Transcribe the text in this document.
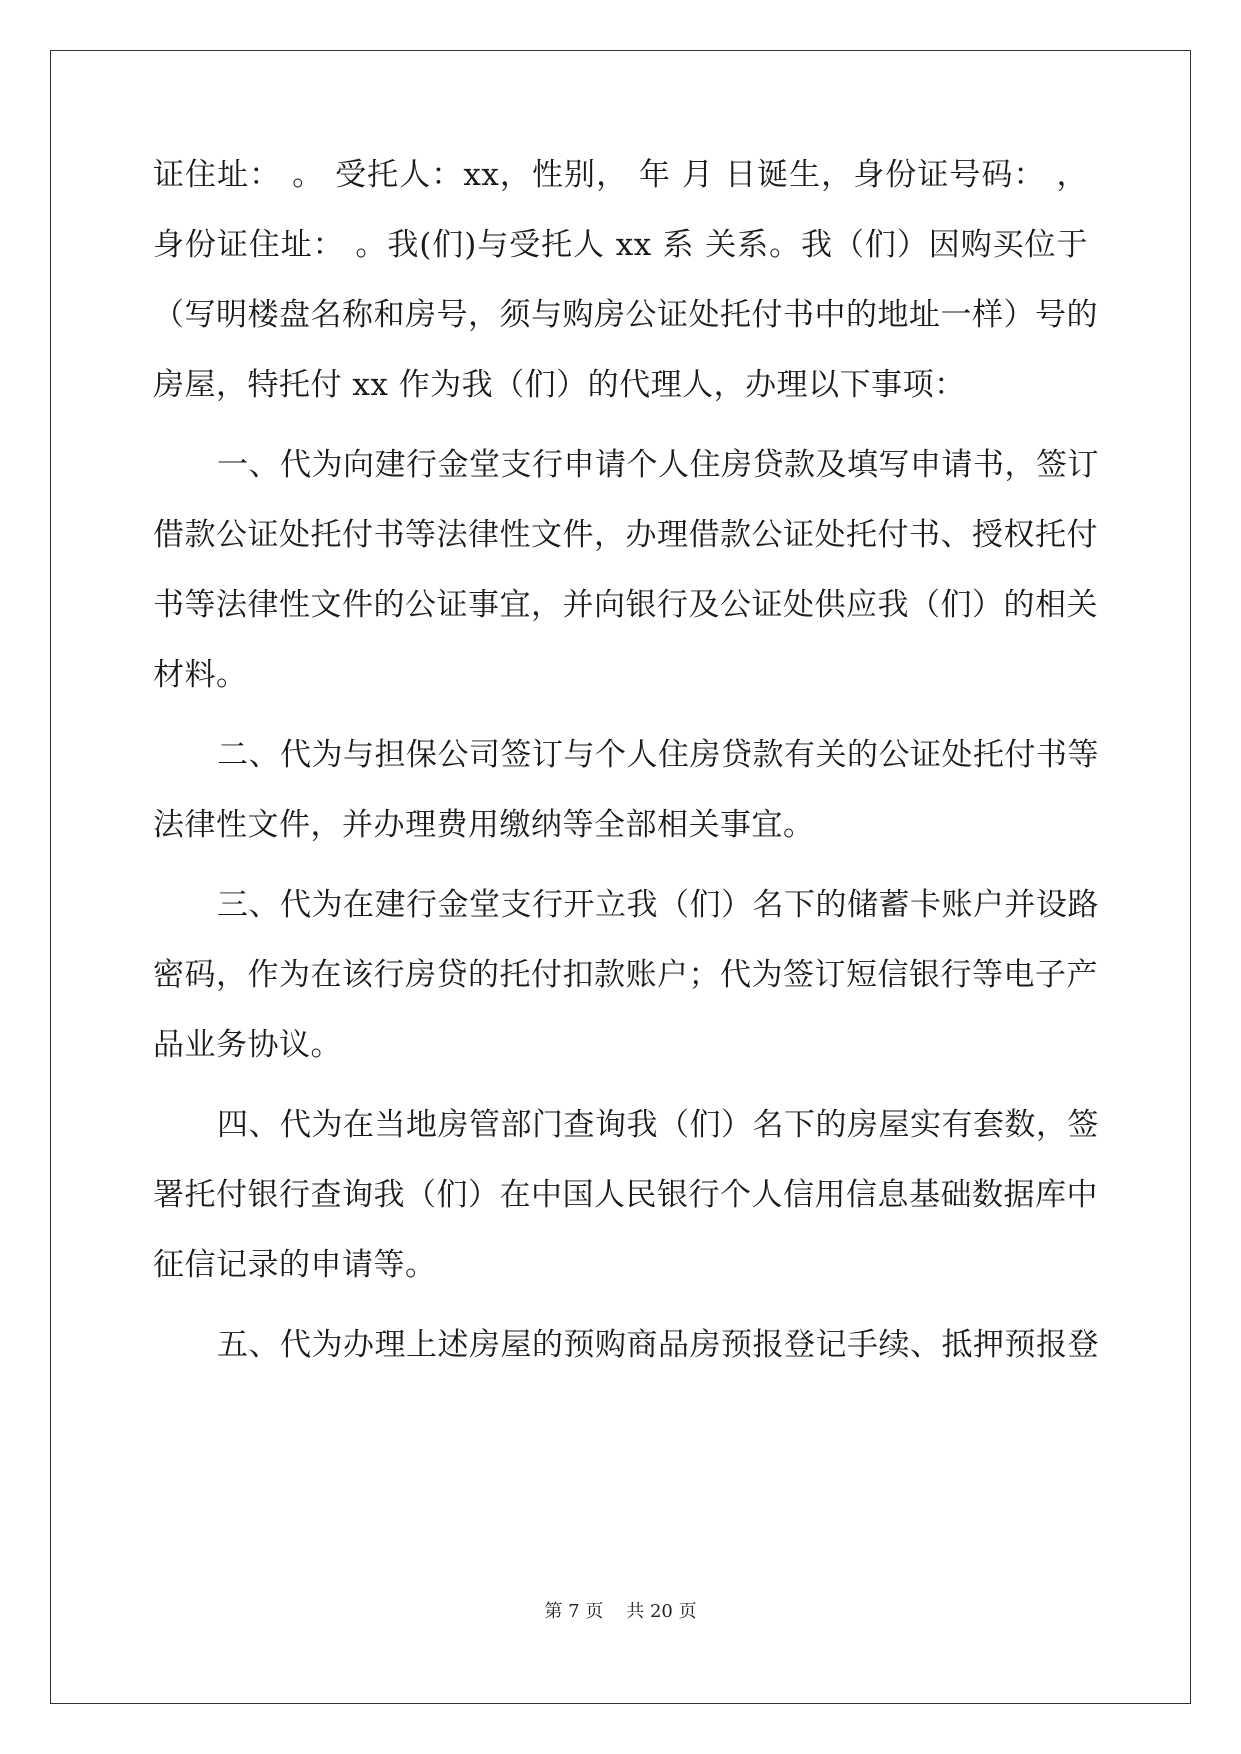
证住址： 。 受托人：xx，性别， 年 月 日诞生，身份证号码： ，
身份证住址： 。我(们)与受托人 xx 系 关系。我（们）因购买位于
（写明楼盘名称和房号，须与购房公证处托付书中的地址一样）号的
房屋，特托付 xx 作为我（们）的代理人，办理以下事项：
一、代为向建行金堂支行申请个人住房贷款及填写申请书，签订
借款公证处托付书等法律性文件，办理借款公证处托付书、授权托付
书等法律性文件的公证事宜，并向银行及公证处供应我（们）的相关
材料。
二、代为与担保公司签订与个人住房贷款有关的公证处托付书等
法律性文件，并办理费用缴纳等全部相关事宜。
三、代为在建行金堂支行开立我（们）名下的储蓄卡账户并设路
密码，作为在该行房贷的托付扣款账户；代为签订短信银行等电子产
品业务协议。
四、代为在当地房管部门查询我（们）名下的房屋实有套数，签
署托付银行查询我（们）在中国人民银行个人信用信息基础数据库中
征信记录的申请等。
五、代为办理上述房屋的预购商品房预报登记手续、抵押预报登
第 7 页 共 20 页
